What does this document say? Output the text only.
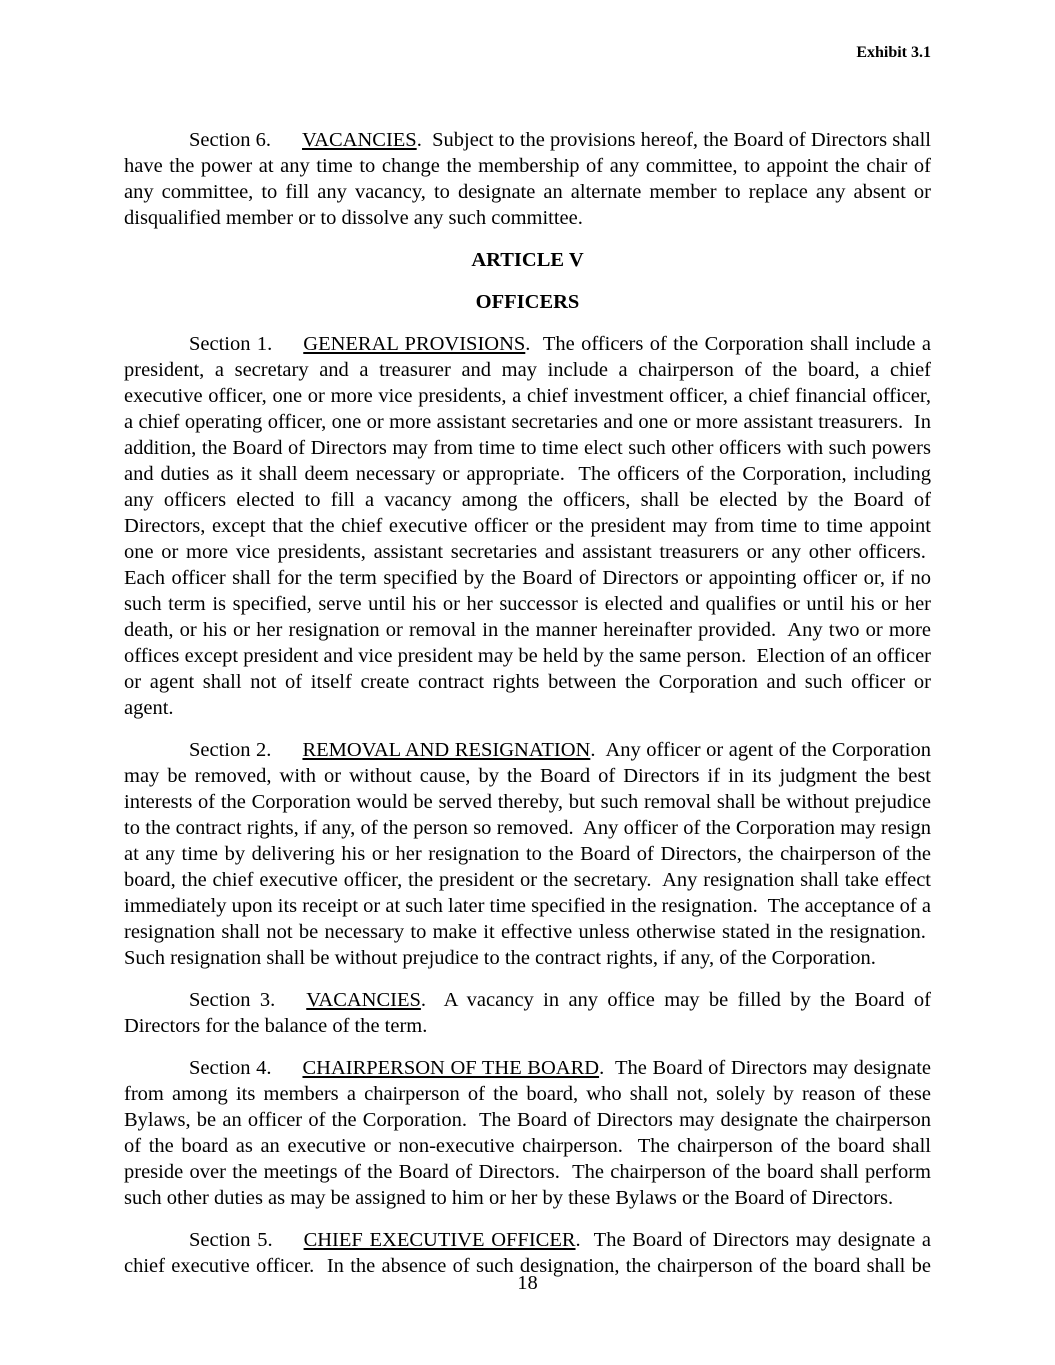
Exhibit 3.1

Section 6. VACANCIES.  Subject to the provisions hereof, the Board of Directors shall have the power at any time to change the membership of any committee, to appoint the chair of any committee, to fill any vacancy, to designate an alternate member to replace any absent or disqualified member or to dissolve any such committee.

ARTICLE V

OFFICERS

Section 1. GENERAL PROVISIONS.  The officers of the Corporation shall include a president, a secretary and a treasurer and may include a chairperson of the board, a chief executive officer, one or more vice presidents, a chief investment officer, a chief financial officer, a chief operating officer, one or more assistant secretaries and one or more assistant treasurers.  In addition, the Board of Directors may from time to time elect such other officers with such powers and duties as it shall deem necessary or appropriate.  The officers of the Corporation, including any officers elected to fill a vacancy among the officers, shall be elected by the Board of Directors, except that the chief executive officer or the president may from time to time appoint one or more vice presidents, assistant secretaries and assistant treasurers or any other officers.  Each officer shall for the term specified by the Board of Directors or appointing officer or, if no such term is specified, serve until his or her successor is elected and qualifies or until his or her death, or his or her resignation or removal in the manner hereinafter provided.  Any two or more offices except president and vice president may be held by the same person.  Election of an officer or agent shall not of itself create contract rights between the Corporation and such officer or agent.

Section 2. REMOVAL AND RESIGNATION.  Any officer or agent of the Corporation may be removed, with or without cause, by the Board of Directors if in its judgment the best interests of the Corporation would be served thereby, but such removal shall be without prejudice to the contract rights, if any, of the person so removed.  Any officer of the Corporation may resign at any time by delivering his or her resignation to the Board of Directors, the chairperson of the board, the chief executive officer, the president or the secretary.  Any resignation shall take effect immediately upon its receipt or at such later time specified in the resignation.  The acceptance of a resignation shall not be necessary to make it effective unless otherwise stated in the resignation.  Such resignation shall be without prejudice to the contract rights, if any, of the Corporation.

Section 3. VACANCIES.  A vacancy in any office may be filled by the Board of Directors for the balance of the term.

Section 4. CHAIRPERSON OF THE BOARD.  The Board of Directors may designate from among its members a chairperson of the board, who shall not, solely by reason of these Bylaws, be an officer of the Corporation.  The Board of Directors may designate the chairperson of the board as an executive or non-executive chairperson.  The chairperson of the board shall preside over the meetings of the Board of Directors.  The chairperson of the board shall perform such other duties as may be assigned to him or her by these Bylaws or the Board of Directors.

Section 5. CHIEF EXECUTIVE OFFICER.  The Board of Directors may designate a chief executive officer.  In the absence of such designation, the chairperson of the board shall be

18
